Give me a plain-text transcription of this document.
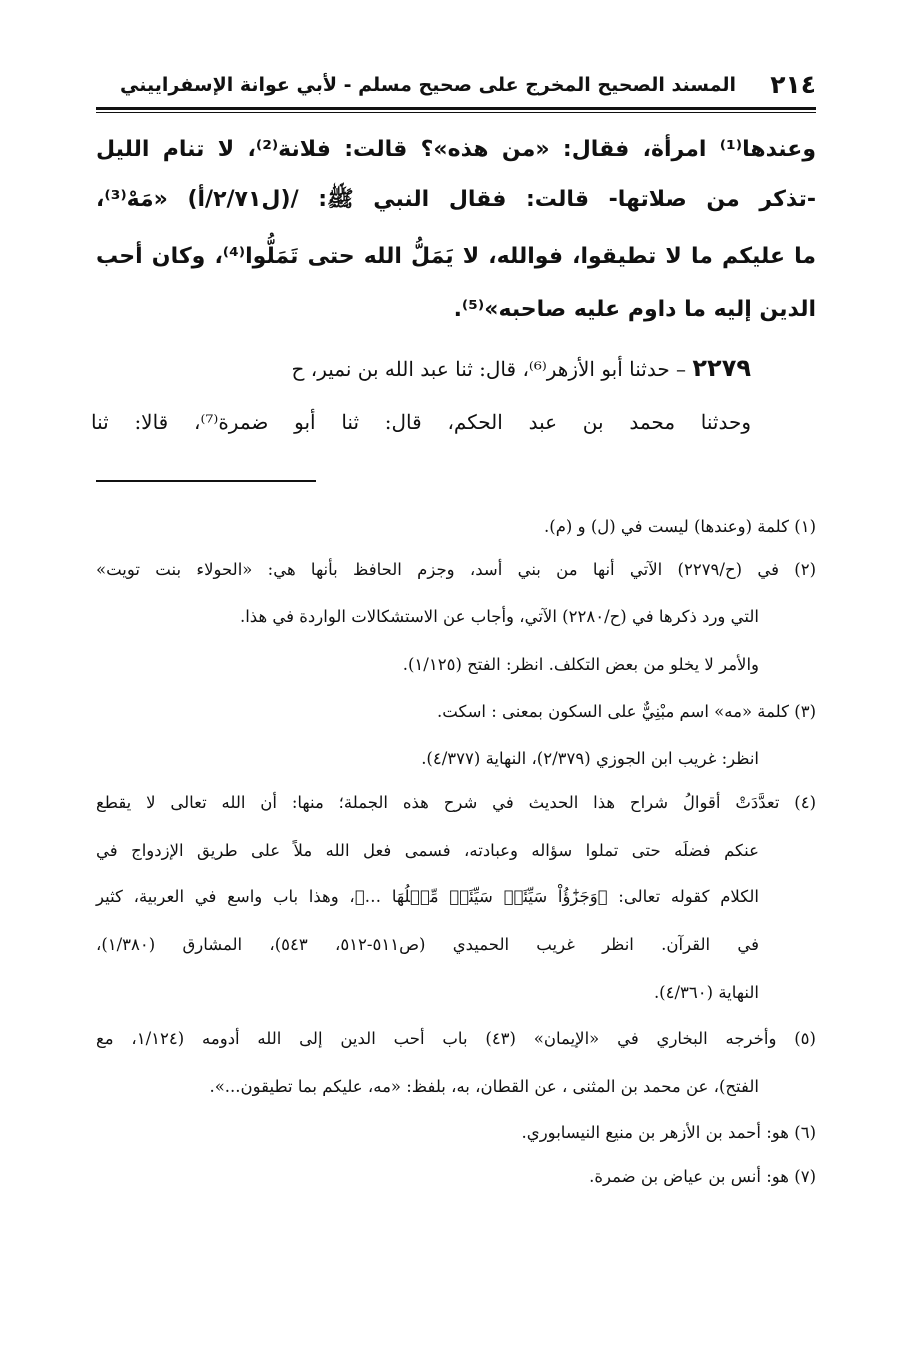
٢١٤
المسند الصحيح المخرج على صحيح مسلم - لأبي عوانة الإسفراييني
وعندها⁽¹⁾ امرأة، فقال: «من هذه»؟ قالت: فلانة⁽²⁾، لا تنام الليل
-تذكر من صلاتها- قالت: فقال النبي ﷺ: /(ل٢/٧١/أ) «مَهْ⁽³⁾،
ما عليكم ما لا تطيقوا، فوالله، لا يَمَلُّ الله حتى تَمَلُّوا⁽⁴⁾، وكان أحب
الدين إليه ما داوم عليه صاحبه»⁽⁵⁾.
٢٢٧٩ – حدثنا أبو الأزهر⁽⁶⁾، قال: ثنا عبد الله بن نمير، ح
وحدثنا محمد بن عبد الحكم، قال: ثنا أبو ضمرة⁽⁷⁾، قالا: ثنا
(١) كلمة (وعندها) ليست في (ل) و (م).
(٢) في (ح/٢٢٧٩) الآتي أنها من بني أسد، وجزم الحافظ بأنها هي: «الحولاء بنت تويت»
التي ورد ذكرها في (ح/٢٢٨٠) الآتي، وأجاب عن الاستشكالات الواردة في هذا.
والأمر لا يخلو من بعض التكلف. انظر: الفتح (١/١٢٥).
(٣) كلمة «مه» اسم مبْنِيٌّ على السكون بمعنى : اسكت.
انظر: غريب ابن الجوزي (٢/٣٧٩)، النهاية (٤/٣٧٧).
(٤) تعدَّدَتْ أقوالُ شراح هذا الحديث في شرح هذه الجملة؛ منها: أن الله تعالى لا يقطع
عنكم فضلَه حتى تملوا سؤاله وعبادته، فسمى فعل الله ملاً على طريق الإزدواج في
الكلام كقوله تعالى: ﴿وَجَزَٰٓؤُاْ سَيِّئَةٖ سَيِّئَةٞ مِّثۡلُهَا …﴾، وهذا باب واسع في العربية، كثير
في القرآن. انظر غريب الحميدي (ص٥١١-٥١٢، ٥٤٣)، المشارق (١/٣٨٠)،
النهاية (٤/٣٦٠).
(٥) وأخرجه البخاري في «الإيمان» (٤٣) باب أحب الدين إلى الله أدومه (١/١٢٤، مع
الفتح)، عن محمد بن المثنى ، عن القطان، به، بلفظ: «مه، عليكم بما تطيقون...».
(٦) هو: أحمد بن الأزهر بن منيع النيسابوري.
(٧) هو: أنس بن عياض بن ضمرة.
